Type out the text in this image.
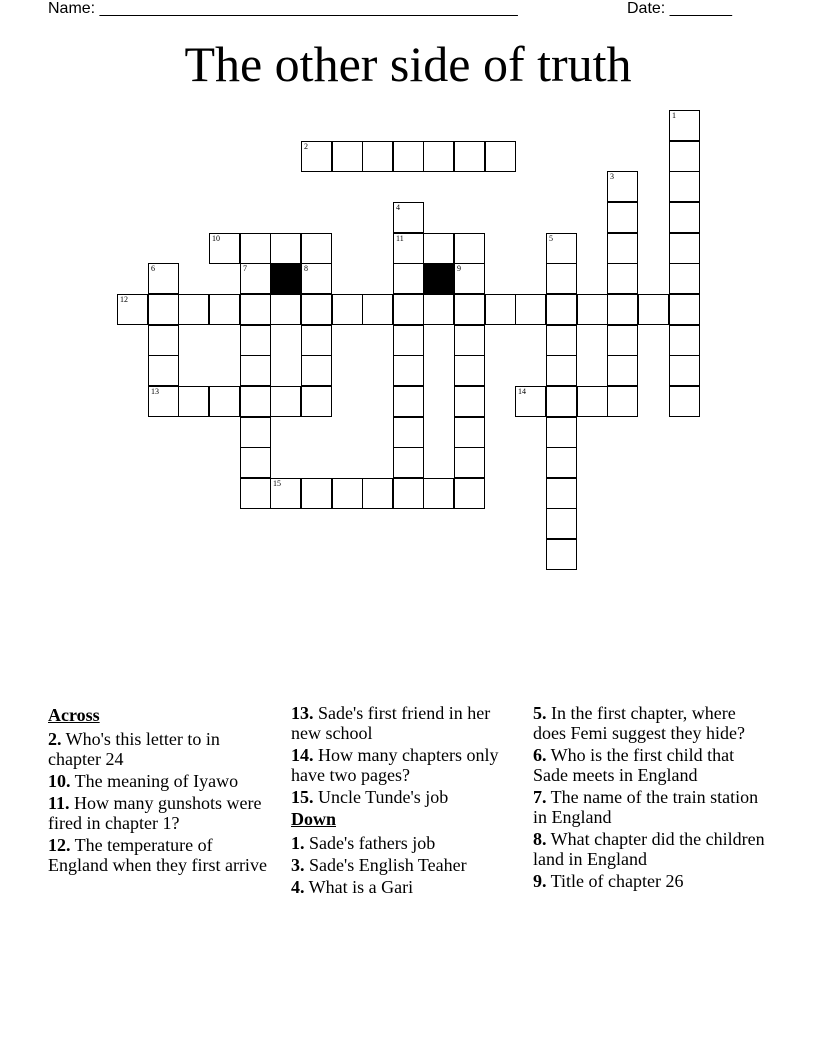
Name: _______________________________________________	Date: _______
The other side of truth
2
10	11
12
13	14
15
1
3
4
5
6	7	8	9
Across
2. Who's this letter to in chapter 24
10. The meaning of Iyawo
11. How many gunshots were fired in chapter 1?
12. The temperature of England when they first arrive
13. Sade's first friend in her new school
14. How many chapters only have two pages?
15. Uncle Tunde's job
Down
1. Sade's fathers job
3. Sade's English Teaher
4. What is a Gari
5. In the first chapter, where does Femi suggest they hide?
6. Who is the first child that Sade meets in England
7. The name of the train station in England
8. What chapter did the children land in England
9. Title of chapter 26
